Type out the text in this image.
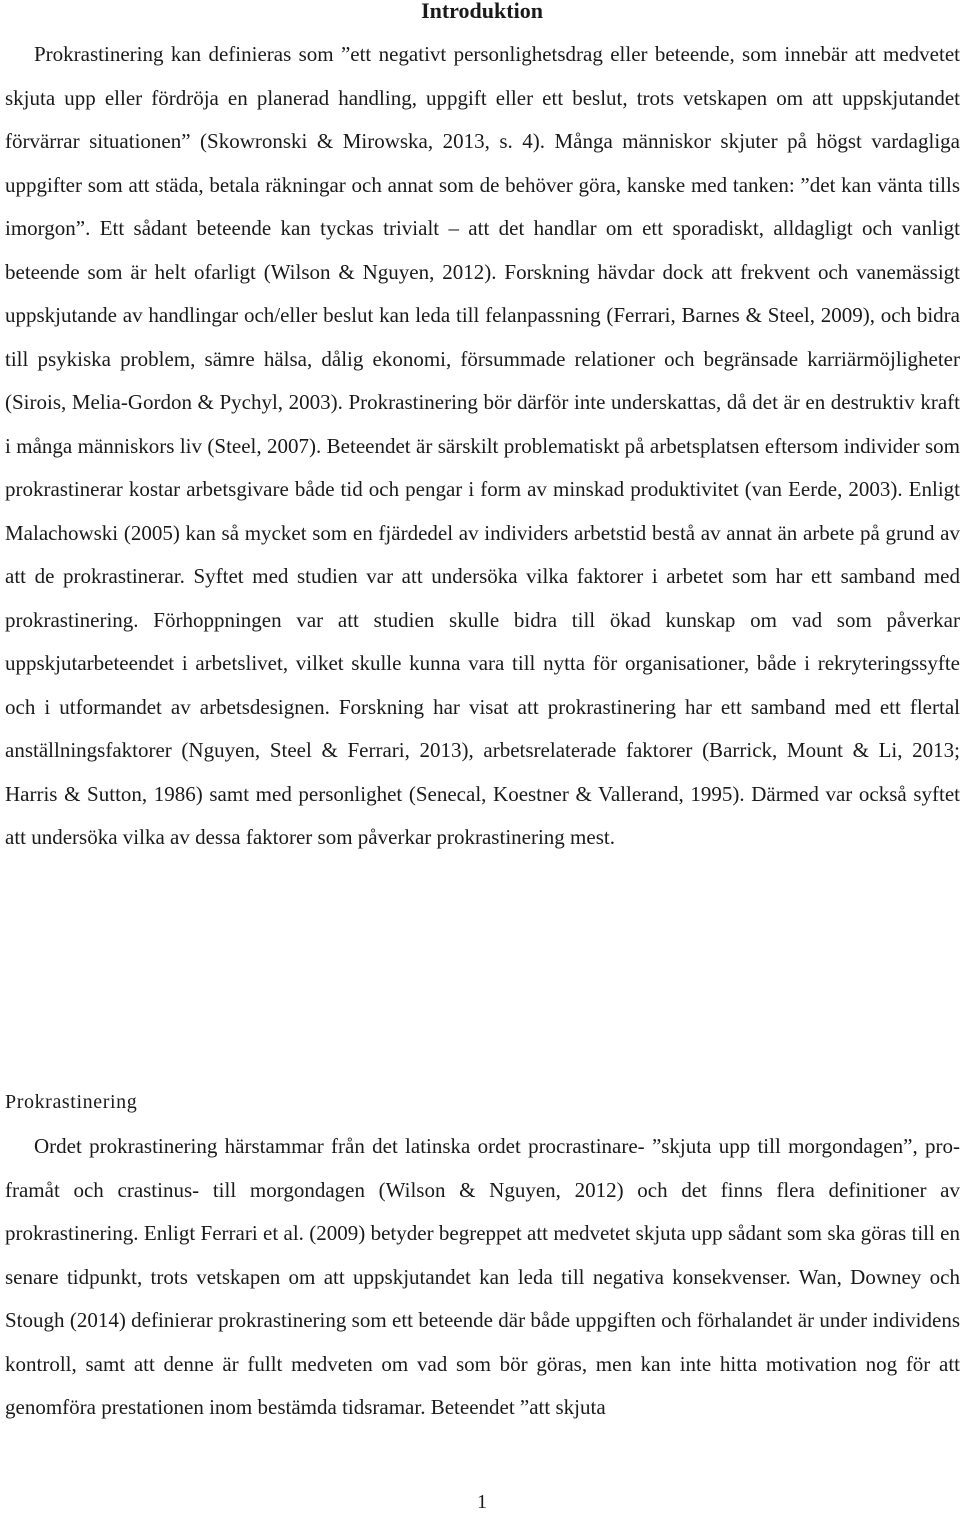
Introduktion

Prokrastinering kan definieras som ”ett negativt personlighetsdrag eller beteende, som innebär att medvetet skjuta upp eller fördröja en planerad handling, uppgift eller ett beslut, trots vetskapen om att uppskjutandet förvärrar situationen” (Skowronski & Mirowska, 2013, s. 4). Många människor skjuter på högst vardagliga uppgifter som att städa, betala räkningar och annat som de behöver göra, kanske med tanken: ”det kan vänta tills imorgon”. Ett sådant beteende kan tyckas trivialt – att det handlar om ett sporadiskt, alldagligt och vanligt beteende som är helt ofarligt (Wilson & Nguyen, 2012). Forskning hävdar dock att frekvent och vanemässigt uppskjutande av handlingar och/eller beslut kan leda till felanpassning (Ferrari, Barnes & Steel, 2009), och bidra till psykiska problem, sämre hälsa, dålig ekonomi, försummade relationer och begränsade karriärmöjligheter (Sirois, Melia-Gordon & Pychyl, 2003). Prokrastinering bör därför inte underskattas, då det är en destruktiv kraft i många människors liv (Steel, 2007). Beteendet är särskilt problematiskt på arbetsplatsen eftersom individer som prokrastinerar kostar arbetsgivare både tid och pengar i form av minskad produktivitet (van Eerde, 2003). Enligt Malachowski (2005) kan så mycket som en fjärdedel av individers arbetstid bestå av annat än arbete på grund av att de prokrastinerar. Syftet med studien var att undersöka vilka faktorer i arbetet som har ett samband med prokrastinering. Förhoppningen var att studien skulle bidra till ökad kunskap om vad som påverkar uppskjutarbeteendet i arbetslivet, vilket skulle kunna vara till nytta för organisationer, både i rekryteringssyfte och i utformandet av arbetsdesignen. Forskning har visat att prokrastinering har ett samband med ett flertal anställningsfaktorer (Nguyen, Steel & Ferrari, 2013), arbetsrelaterade faktorer (Barrick, Mount & Li, 2013; Harris & Sutton, 1986) samt med personlighet (Senecal, Koestner & Vallerand, 1995). Därmed var också syftet att undersöka vilka av dessa faktorer som påverkar prokrastinering mest.

Prokrastinering

Ordet prokrastinering härstammar från det latinska ordet procrastinare- ”skjuta upp till morgondagen”, pro- framåt och crastinus- till morgondagen (Wilson & Nguyen, 2012) och det finns flera definitioner av prokrastinering. Enligt Ferrari et al. (2009) betyder begreppet att medvetet skjuta upp sådant som ska göras till en senare tidpunkt, trots vetskapen om att uppskjutandet kan leda till negativa konsekvenser. Wan, Downey och Stough (2014) definierar prokrastinering som ett beteende där både uppgiften och förhalandet är under individens kontroll, samt att denne är fullt medveten om vad som bör göras, men kan inte hitta motivation nog för att genomföra prestationen inom bestämda tidsramar. Beteendet ”att skjuta

1
